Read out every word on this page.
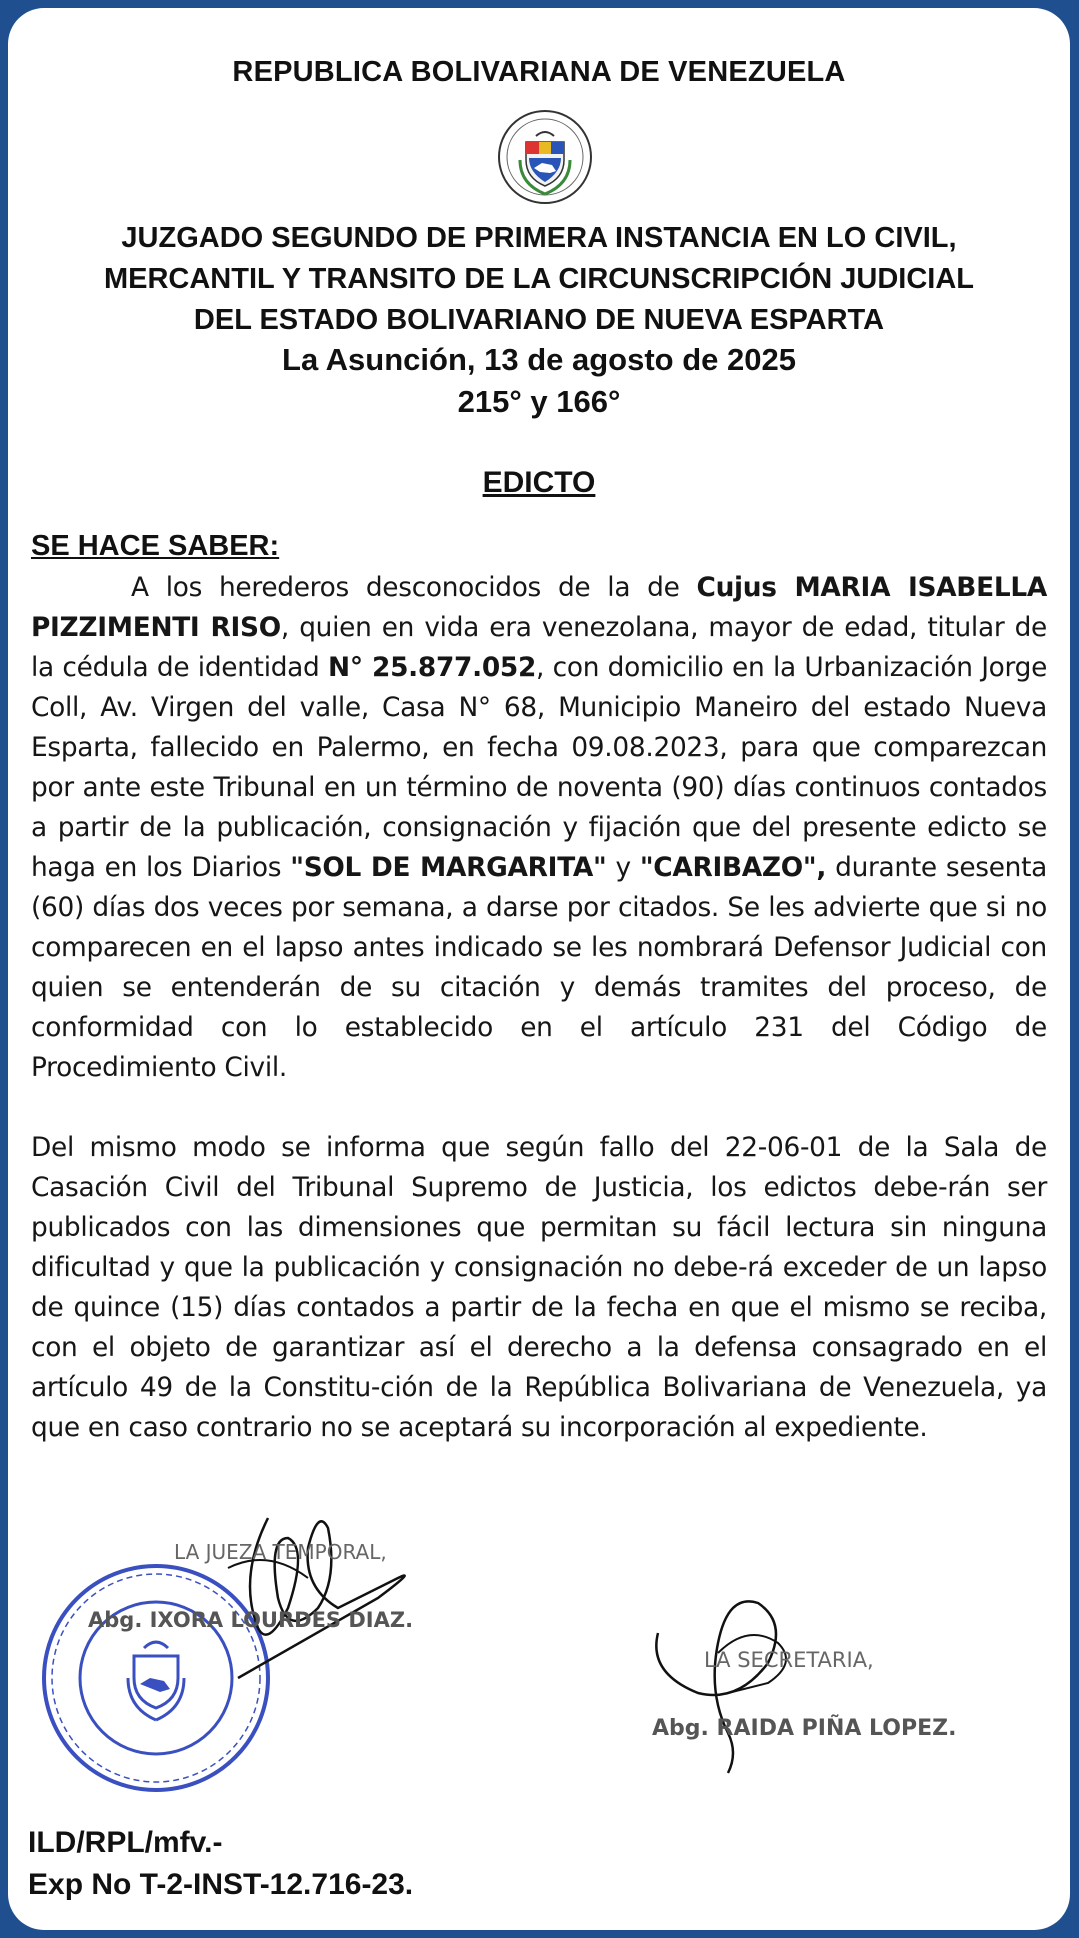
REPUBLICA BOLIVARIANA DE VENEZUELA
JUZGADO SEGUNDO DE PRIMERA INSTANCIA EN LO CIVIL,
MERCANTIL Y TRANSITO DE LA CIRCUNSCRIPCIÓN JUDICIAL
DEL ESTADO BOLIVARIANO DE NUEVA ESPARTA
La Asunción, 13 de agosto de 2025
215° y 166°
EDICTO
SE HACE SABER:
A los herederos desconocidos de la de Cujus MARIA ISABELLA PIZZIMENTI RISO, quien en vida era venezolana, mayor de edad, titular de la cédula de identidad N° 25.877.052, con domicilio en la Urbanización Jorge Coll, Av. Virgen del valle, Casa N° 68, Municipio Maneiro del estado Nueva Esparta, fallecido en Palermo, en fecha 09.08.2023, para que comparezcan por ante este Tribunal en un término de noventa (90) días continuos contados a partir de la publicación, consignación y fijación que del presente edicto se haga en los Diarios "SOL DE MARGARITA" y "CARIBAZO", durante sesenta (60) días dos veces por semana, a darse por citados. Se les advierte que si no comparecen en el lapso antes indicado se les nombrará Defensor Judicial con quien se entenderán de su citación y demás tramites del proceso, de conformidad con lo establecido en el artículo 231 del Código de Procedimiento Civil.
Del mismo modo se informa que según fallo del 22-06-01 de la Sala de Casación Civil del Tribunal Supremo de Justicia, los edictos debe-rán ser publicados con las dimensiones que permitan su fácil lectura sin ninguna dificultad y que la publicación y consignación no debe-rá exceder de un lapso de quince (15) días contados a partir de la fecha en que el mismo se reciba, con el objeto de garantizar así el derecho a la defensa consagrado en el artículo 49 de la Constitu-ción de la República Bolivariana de Venezuela, ya que en caso contrario no se aceptará su incorporación al expediente.
LA JUEZA TEMPORAL,
Abg. IXORA LOURDES DIAZ.
LA SECRETARIA,
Abg. RAIDA PIÑA LOPEZ.
ILD/RPL/mfv.-
Exp No T-2-INST-12.716-23.
